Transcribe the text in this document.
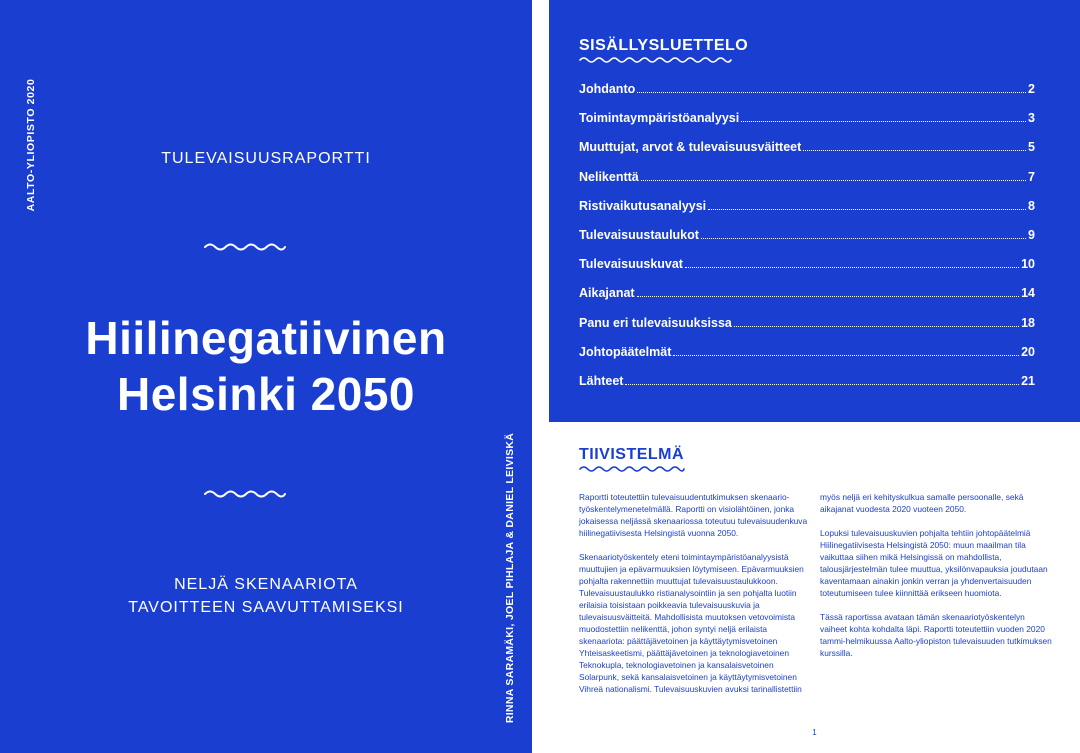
AALTO-YLIOPISTO 2020
RINNA SARAMÄKI, JOEL PIHLAJA & DANIEL LEIVISKÄ
TULEVAISUUSRAPORTTI
Hiilinegatiivinen
Helsinki 2050
NELJÄ SKENAARIOTA
TAVOITTEEN SAAVUTTAMISEKSI
SISÄLLYSLUETTELO
Johdanto	2
Toimintaympäristöanalyysi	3
Muuttujat, arvot & tulevaisuusväitteet	5
Nelikenttä	7
Ristivaikutusanalyysi	8
Tulevaisuustaulukot	9
Tulevaisuuskuvat	10
Aikajanat	14
Panu eri tulevaisuuksissa	18
Johtopäätelmät	20
Lähteet	21
TIIVISTELMÄ

Raportti toteutettiin tulevaisuudentutkimuksen skenaario-työskentelymenetelmällä. Raportti on visiolähtöinen, jonka jokaisessa neljässä skenaariossa toteutuu tulevaisuudenkuva hiilinegatiivisesta Helsingistä vuonna 2050.

Skenaariotyöskentely eteni toimintaympäristöanalyysistä muuttujien ja epävarmuuksien löytymiseen. Epävarmuuksien pohjalta rakennettiin muuttujat tulevaisuustaulukkoon. Tulevaisuustaulukko ristianalysointiin ja sen pohjalta luotiin erilaisia toisistaan poikkeavia tulevaisuuskuvia ja tulevaisuusväitteitä. Mahdollisista muutoksen vetovoimista muodostettiin nelikenttä, johon syntyi neljä erilaista skenaariota: päättäjävetoinen ja käyttäytymisvetoinen Yhteisaskeetismi, päättäjävetoinen ja teknologiavetoinen Teknokupla, teknologiavetoinen ja kansalaisvetoinen Solarpunk, sekä kansalaisvetoinen ja käyttäytymisvetoinen Vihreä nationalismi. Tulevaisuuskuvien avuksi tarinallistettiin

myös neljä eri kehityskulkua samalle persoonalle, sekä aikajanat vuodesta 2020 vuoteen 2050.

Lopuksi tulevaisuuskuvien pohjalta tehtiin johtopäätelmiä Hiilinegatiivisesta Helsingistä 2050: muun maailman tila vaikuttaa siihen mikä Helsingissä on mahdollista, talousjärjestelmän tulee muuttua, yksilönvapauksia joudutaan kaventamaan ainakin jonkin verran ja yhdenvertaisuuden toteutumiseen tulee kiinnittää erikseen huomiota.

Tässä raportissa avataan tämän skenaariotyöskentelyn vaiheet kohta kohdalta läpi. Raportti toteutettiin vuoden 2020 tammi-helmikuussa Aalto-yliopiston tulevaisuuden tutkimuksen kurssilla.

1
